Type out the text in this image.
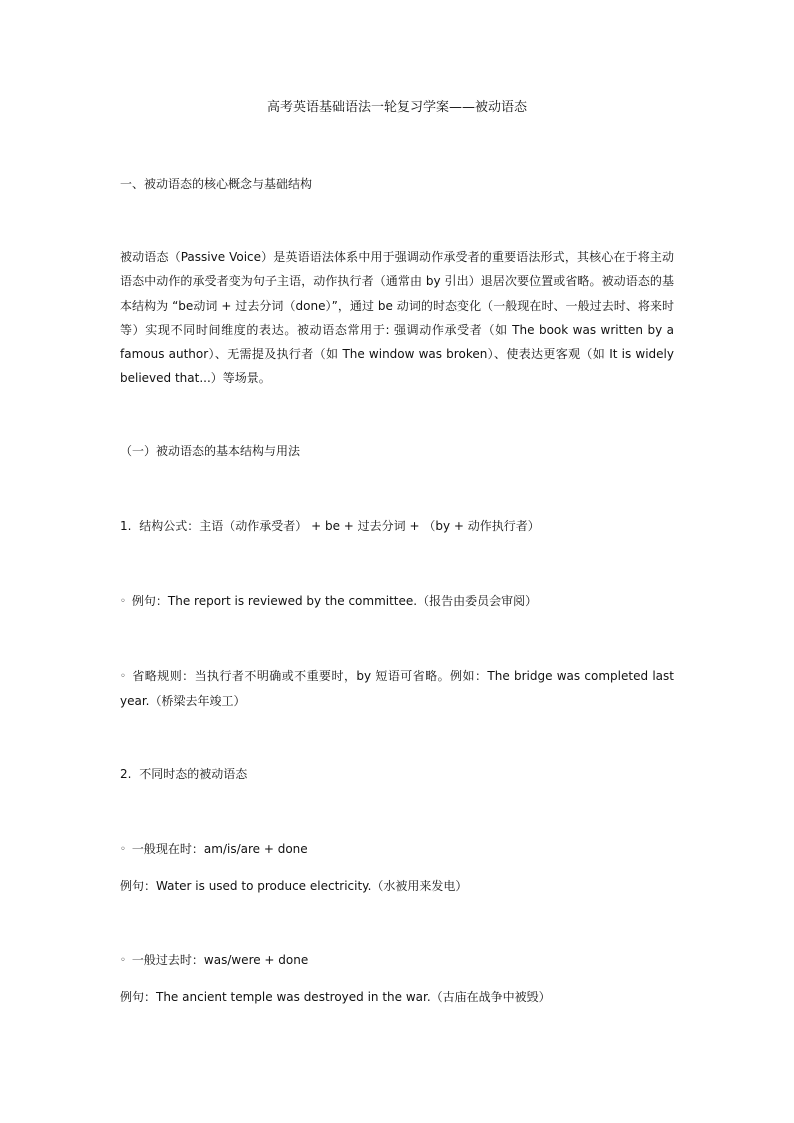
高考英语基础语法一轮复习学案——被动语态
一、被动语态的核心概念与基础结构
被动语态（Passive Voice）是英语语法体系中用于强调动作承受者的重要语法形式，其核心在于将主动语态中动作的承受者变为句子主语，动作执行者（通常由 by 引出）退居次要位置或省略。被动语态的基本结构为 “be动词 + 过去分词（done）”，通过 be 动词的时态变化（一般现在时、一般过去时、将来时等）实现不同时间维度的表达。被动语态常用于: 强调动作承受者（如 The book was written by a famous author）、无需提及执行者（如 The window was broken）、使表达更客观（如 It is widely believed that...）等场景。
（一）被动语态的基本结构与用法
1. 结构公式：主语（动作承受者） + be + 过去分词 + （by + 动作执行者）
◦ 例句：The report is reviewed by the committee.（报告由委员会审阅）
◦ 省略规则：当执行者不明确或不重要时，by 短语可省略。例如：The bridge was completed last year.（桥梁去年竣工）
2. 不同时态的被动语态
◦ 一般现在时：am/is/are + done
例句：Water is used to produce electricity.（水被用来发电）
◦ 一般过去时：was/were + done
例句：The ancient temple was destroyed in the war.（古庙在战争中被毁）
